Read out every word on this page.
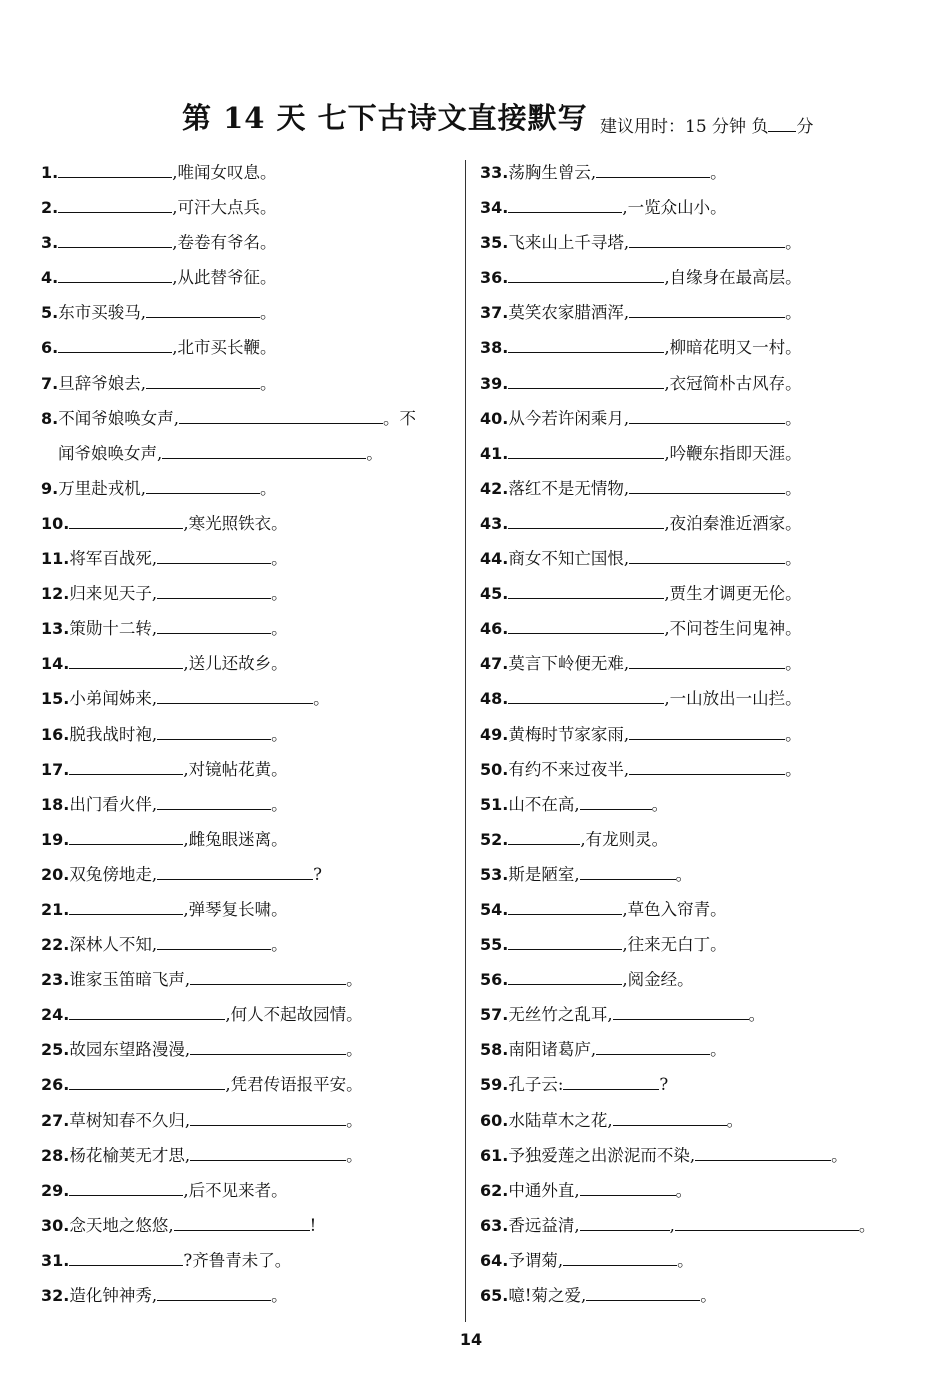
第 14 天 七下古诗文直接默写 建议用时：15 分钟 负 分
1.	,唯闻女叹息。
2.	,可汗大点兵。
3.	,卷卷有爷名。
4.	,从此替爷征。
5.东市买骏马,	。
6.	,北市买长鞭。
7.旦辞爷娘去,	。
8.不闻爷娘唤女声,	。不
闻爷娘唤女声,	。
9.万里赴戎机,	。
10.	,寒光照铁衣。
11.将军百战死,	。
12.归来见天子,	。
13.策勋十二转,	。
14.	,送儿还故乡。
15.小弟闻姊来,	。
16.脱我战时袍,	。
17.	,对镜帖花黄。
18.出门看火伴,	。
19.	,雌兔眼迷离。
20.双兔傍地走,	?
21.	,弹琴复长啸。
22.深林人不知,	。
23.谁家玉笛暗飞声,	。
24.	,何人不起故园情。
25.故园东望路漫漫,	。
26.	,凭君传语报平安。
27.草树知春不久归,	。
28.杨花榆荚无才思,	。
29.	,后不见来者。
30.念天地之悠悠,	!
31.	?齐鲁青未了。
32.造化钟神秀,	。
33.荡胸生曾云,	。
34.	,一览众山小。
35.飞来山上千寻塔,	。
36.	,自缘身在最高层。
37.莫笑农家腊酒浑,	。
38.	,柳暗花明又一村。
39.	,衣冠简朴古风存。
40.从今若许闲乘月,	。
41.	,吟鞭东指即天涯。
42.落红不是无情物,	。
43.	,夜泊秦淮近酒家。
44.商女不知亡国恨,	。
45.	,贾生才调更无伦。
46.	,不问苍生问鬼神。
47.莫言下岭便无难,	。
48.	,一山放出一山拦。
49.黄梅时节家家雨,	。
50.有约不来过夜半,	。
51.山不在高,	。
52.	,有龙则灵。
53.斯是陋室,	。
54.	,草色入帘青。
55.	,往来无白丁。
56.	,阅金经。
57.无丝竹之乱耳,	。
58.南阳诸葛庐,	。
59.孔子云:	?
60.水陆草木之花,	。
61.予独爱莲之出淤泥而不染,	。
62.中通外直,	。
63.香远益清,	,	。
64.予谓菊,	。
65.噫!菊之爱,	。
14
